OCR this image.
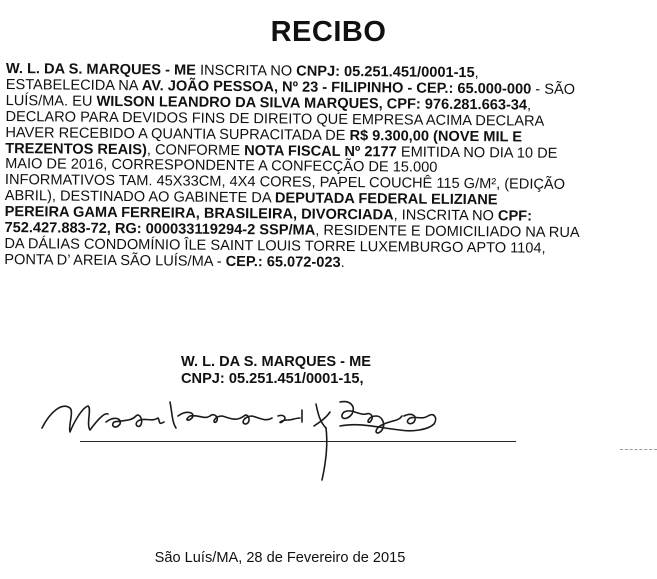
RECIBO
W. L. DA S. MARQUES - ME INSCRITA NO CNPJ: 05.251.451/0001-15,
ESTABELECIDA NA AV. JOÃO PESSOA, Nº 23 - FILIPINHO - CEP.: 65.000-000 - SÃO
LUÍS/MA. EU WILSON LEANDRO DA SILVA MARQUES, CPF: 976.281.663-34,
DECLARO PARA DEVIDOS FINS DE DIREITO QUE EMPRESA ACIMA DECLARA
HAVER RECEBIDO A QUANTIA SUPRACITADA DE R$ 9.300,00 (NOVE MIL E
TREZENTOS REAIS), CONFORME NOTA FISCAL Nº 2177 EMITIDA NO DIA 10 DE
MAIO DE 2016, CORRESPONDENTE A CONFECÇÃO DE 15.000
INFORMATIVOS TAM. 45X33CM, 4X4 CORES, PAPEL COUCHÊ 115 G/M², (EDIÇÃO
ABRIL), DESTINADO AO GABINETE DA DEPUTADA FEDERAL ELIZIANE
PEREIRA GAMA FERREIRA, BRASILEIRA, DIVORCIADA, INSCRITA NO CPF:
752.427.883-72, RG: 000033119294-2 SSP/MA, RESIDENTE E DOMICILIADO NA RUA
DA DÁLIAS CONDOMÍNIO ÎLE SAINT LOUIS TORRE LUXEMBURGO APTO 1104,
PONTA D’ AREIA SÃO LUÍS/MA - CEP.: 65.072-023.
W. L. DA S. MARQUES - ME
CNPJ: 05.251.451/0001-15,
São Luís/MA, 28 de Fevereiro de 2015
